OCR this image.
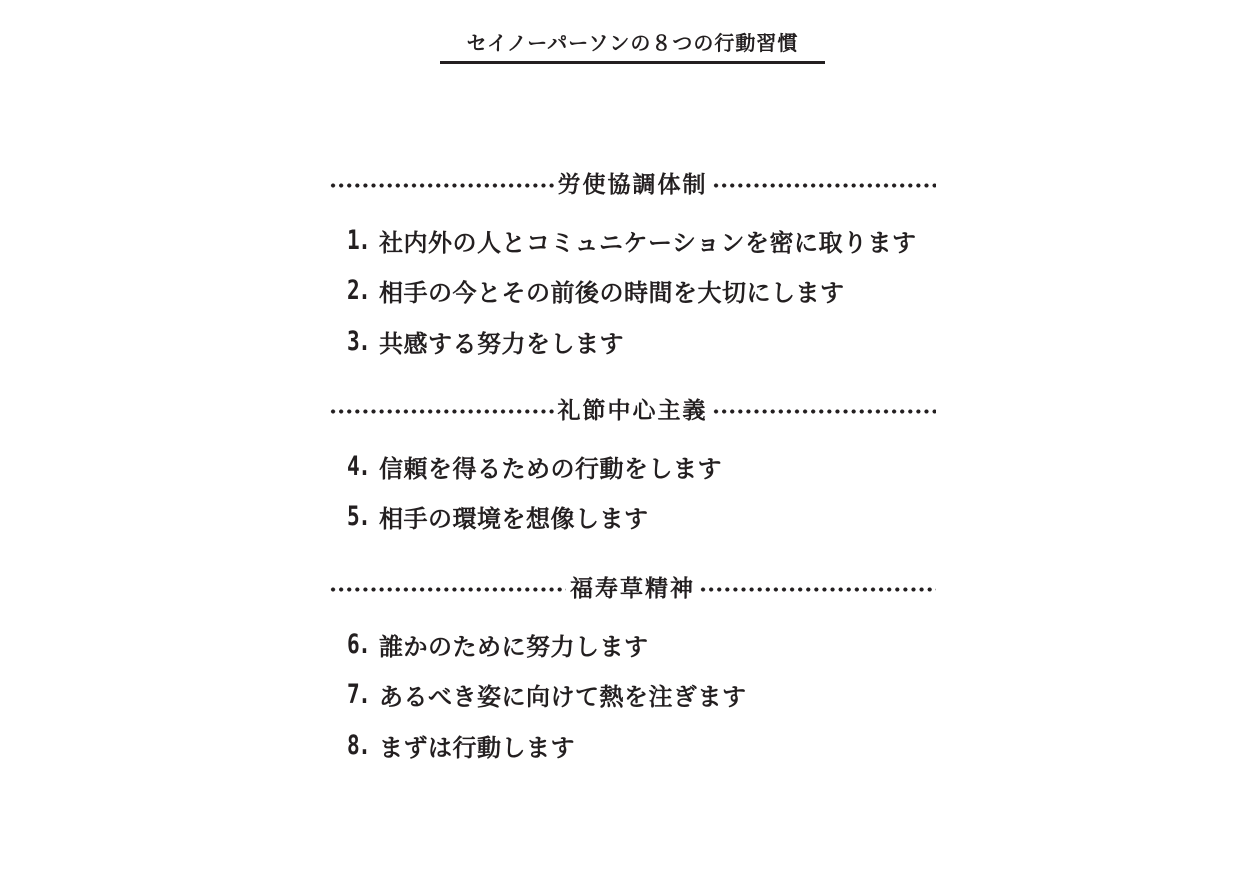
セイノーパーソンの８つの行動習慣
労使協調体制
1. 社内外の人とコミュニケーションを密に取ります
2. 相手の今とその前後の時間を大切にします
3. 共感する努力をします
礼節中心主義
4. 信頼を得るための行動をします
5. 相手の環境を想像します
福寿草精神
6. 誰かのために努力します
7. あるべき姿に向けて熱を注ぎます
8. まずは行動します
